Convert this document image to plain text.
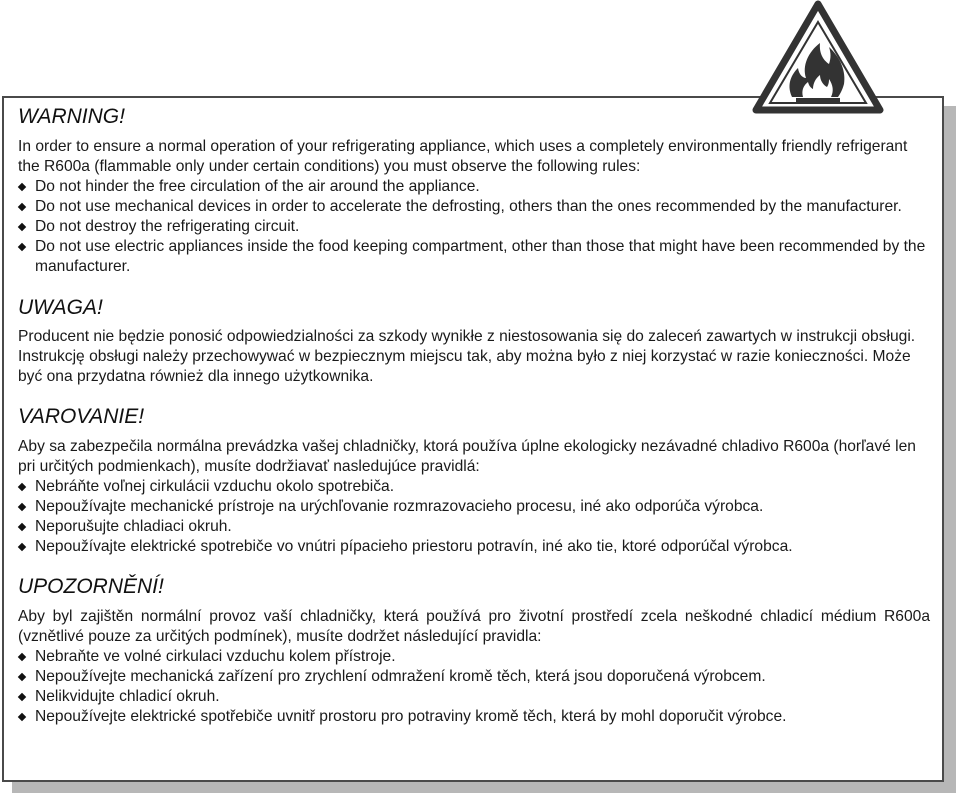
WARNING!

In order to ensure a normal operation of your refrigerating appliance, which uses a completely environmentally friendly refrigerant the R600a (flammable only under certain conditions) you must observe the following rules:

Do not hinder the free circulation of the air around the appliance.
Do not use mechanical devices in order to accelerate the defrosting, others than the ones recommended by the manufacturer.
Do not destroy the refrigerating circuit.
Do not use electric appliances inside the food keeping compartment, other than those that might have been recommended by the manufacturer.
UWAGA!

Producent nie będzie ponosić odpowiedzialności za szkody wynikłe z niestosowania się do zaleceń zawartych w instrukcji obsługi. Instrukcję obsługi należy przechowywać w bezpiecznym miejscu tak, aby można było z niej korzystać w razie konieczności. Może być ona przydatna również dla innego użytkownika.

VAROVANIE!

Aby sa zabezpečila normálna prevádzka vašej chladničky, ktorá používa úplne ekologicky nezávadné chladivo R600a (horľavé len pri určitých podmienkach), musíte dodržiavať nasledujúce pravidlá:

Nebráňte voľnej cirkulácii vzduchu okolo spotrebiča.
Nepoužívajte mechanické prístroje na urýchľovanie rozmrazovacieho procesu, iné ako odporúča výrobca.
Neporušujte chladiaci okruh.
Nepoužívajte elektrické spotrebiče vo vnútri pípacieho priestoru potravín, iné ako tie, ktoré odporúčal výrobca.
UPOZORNĚNÍ!

Aby byl zajištěn normální provoz vaší chladničky, která používá pro životní prostředí zcela neškodné chladicí médium R600a (vznětlivé pouze za určitých podmínek), musíte dodržet následující pravidla:

Nebraňte ve volné cirkulaci vzduchu kolem přístroje.
Nepoužívejte mechanická zařízení pro zrychlení odmražení kromě těch, která jsou doporučená výrobcem.
Nelikvidujte chladicí okruh.
Nepoužívejte elektrické spotřebiče uvnitř prostoru pro potraviny kromě těch, která by mohl doporučit výrobce.
